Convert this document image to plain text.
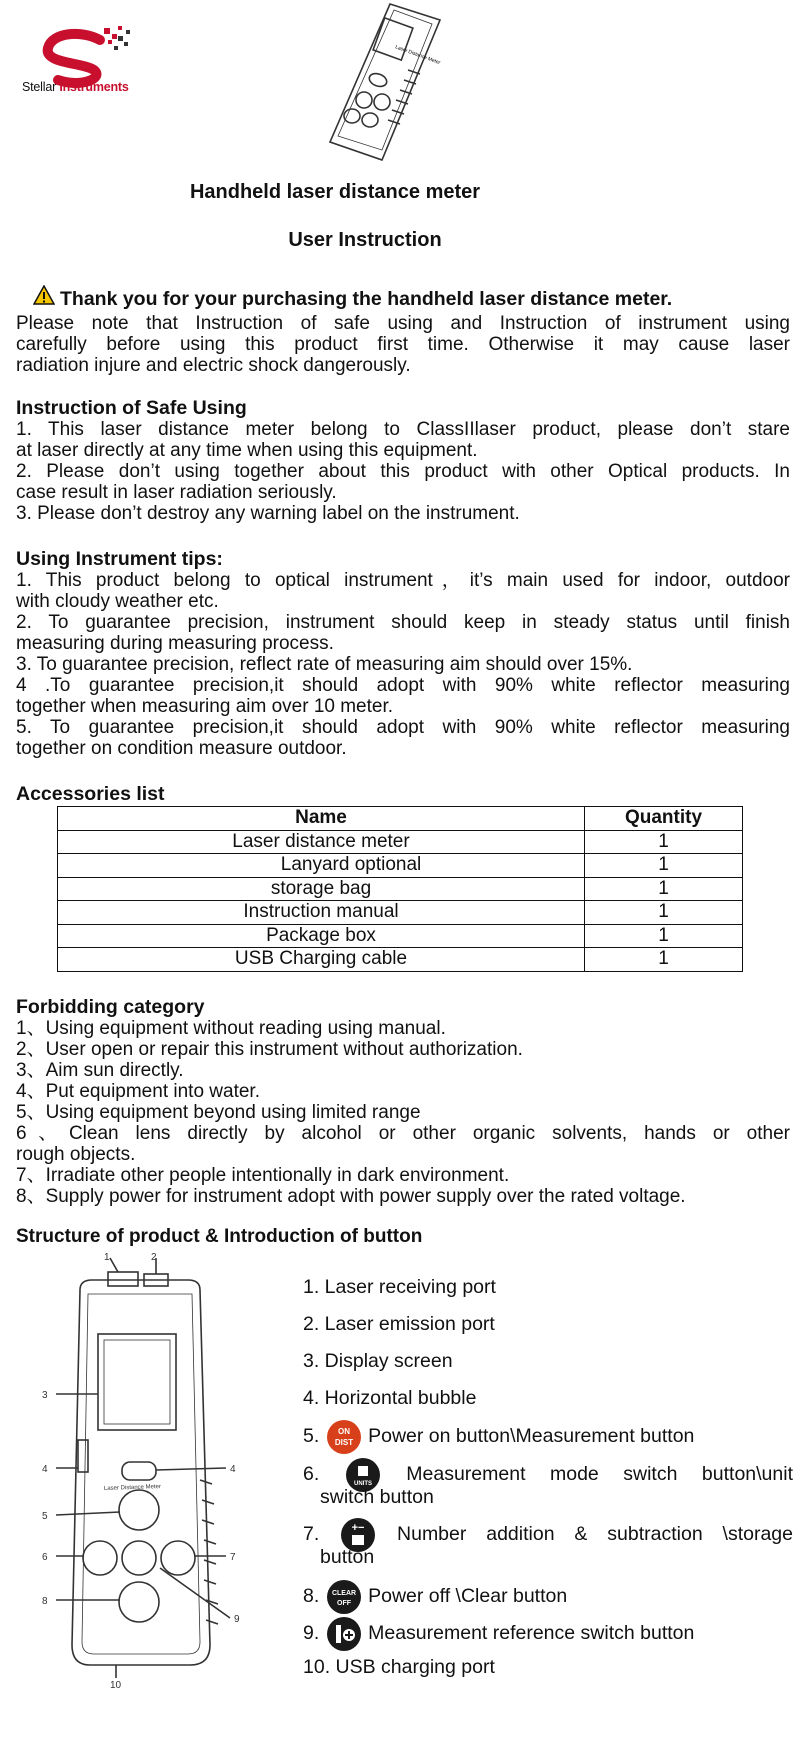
Stellar Instruments
Laser Distance Meter
Handheld laser distance meter
User Instruction
Thank you for your purchasing the handheld laser distance meter.
Please note that Instruction of safe using and Instruction of instrument using
carefully before using this product first time. Otherwise it may cause laser
radiation injure and electric shock dangerously.
Instruction of Safe Using
1. This laser distance meter belong to ClassIIlaser product, please don’t stare
at laser directly at any time when using this equipment.
2. Please don’t using together about this product with other Optical products. In
case result in laser radiation seriously.
3. Please don’t destroy any warning label on the instrument.
Using Instrument tips:
1. This product belong to optical instrument，it’s main used for indoor, outdoor
with cloudy weather etc.
2. To guarantee precision, instrument should keep in steady status until finish
measuring during measuring process.
3. To guarantee precision, reflect rate of measuring aim should over 15%.
4 .To guarantee precision,it should adopt with 90% white reflector measuring
together when measuring aim over 10 meter.
5. To guarantee precision,it should adopt with 90% white reflector measuring
together on condition measure outdoor.
Accessories list
Name	Quantity
Laser distance meter	1
Lanyard optional	1
storage bag	1
Instruction manual	1
Package box	1
USB Charging cable	1
Forbidding category
1、Using equipment without reading using manual.
2、User open or repair this instrument without authorization.
3、Aim sun directly.
4、Put equipment into water.
5、Using equipment beyond using limited range
6、Clean lens directly by alcohol or other organic solvents, hands or other
rough objects.
7、Irradiate other people intentionally in dark environment.
8、Supply power for instrument adopt with power supply over the rated voltage.
Structure of product & Introduction of button
Laser Distance Meter
1	2
3
4	4
5
6	7
8
9
10
1. Laser receiving port
2. Laser emission port
3. Display screen
4. Horizontal bubble
5. ON
DIST Power on button\Measurement button
6.	UNITS Measurement mode switch button\unit
switch button
7.	+− Number addition & subtraction \storage
button
8. CLEAR
OFF Power off \Clear button
9.	Measurement reference switch button
10. USB charging port
